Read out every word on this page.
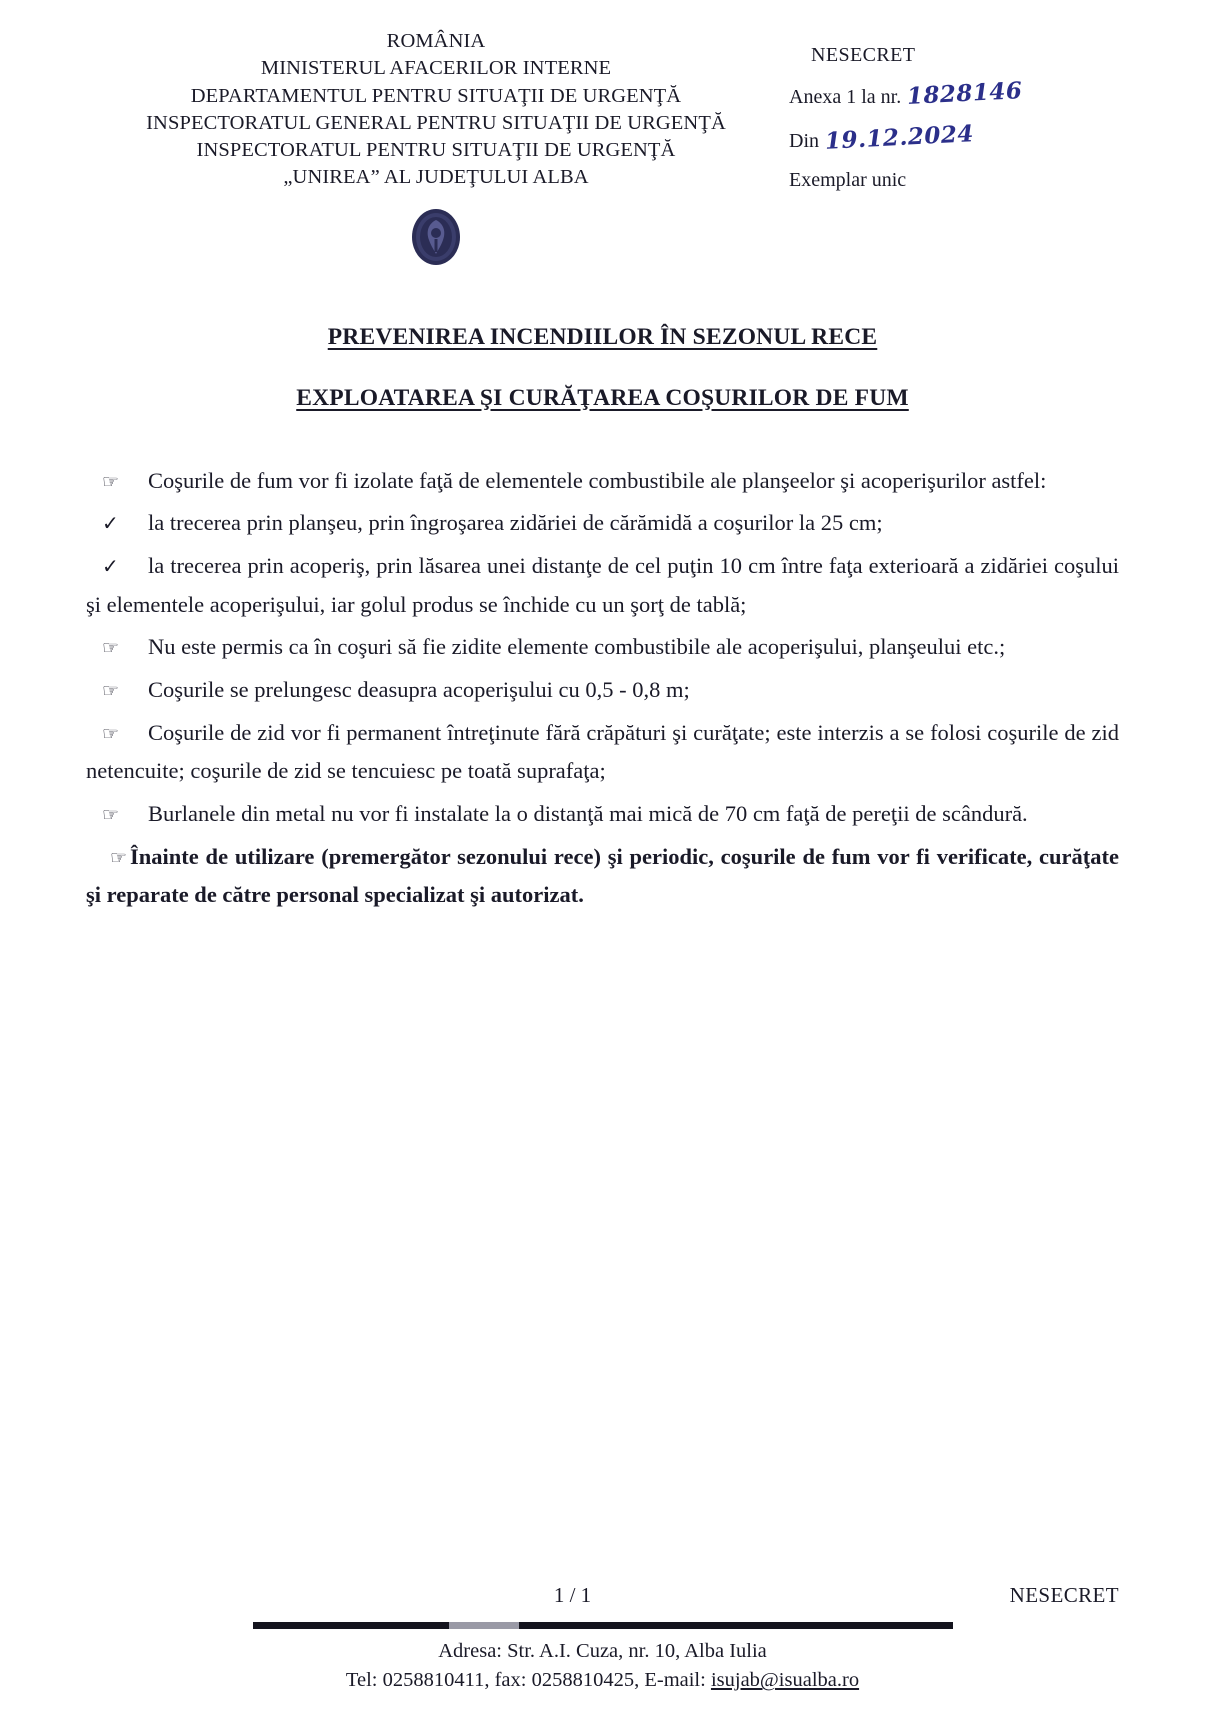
ROMÂNIA
MINISTERUL AFACERILOR INTERNE
DEPARTAMENTUL PENTRU SITUAŢII DE URGENŢĂ
INSPECTORATUL GENERAL PENTRU SITUAŢII DE URGENŢĂ
INSPECTORATUL PENTRU SITUAŢII DE URGENŢĂ
„UNIREA” AL JUDEŢULUI ALBA
NESECRET
Anexa 1 la nr. 1828146
Din 19.12.2024
Exemplar unic
PREVENIREA INCENDIILOR ÎN SEZONUL RECE
EXPLOATAREA ŞI CURĂŢAREA COŞURILOR DE FUM

☞ Coşurile de fum vor fi izolate faţă de elementele combustibile ale planşeelor şi acoperişurilor astfel:

✓ la trecerea prin planşeu, prin îngroşarea zidăriei de cărămidă a coşurilor la 25 cm;

✓ la trecerea prin acoperiş, prin lăsarea unei distanţe de cel puţin 10 cm între faţa exterioară a zidăriei coşului şi elementele acoperişului, iar golul produs se închide cu un şorţ de tablă;

☞ Nu este permis ca în coşuri să fie zidite elemente combustibile ale acoperişului, planşeului etc.;

☞ Coşurile se prelungesc deasupra acoperişului cu 0,5 - 0,8 m;

☞ Coşurile de zid vor fi permanent întreţinute fără crăpături şi curăţate; este interzis a se folosi coşurile de zid netencuite; coşurile de zid se tencuiesc pe toată suprafaţa;

☞ Burlanele din metal nu vor fi instalate la o distanţă mai mică de 70 cm faţă de pereţii de scândură.

☞ Înainte de utilizare (premergător sezonului rece) şi periodic, coşurile de fum vor fi verificate, curăţate şi reparate de către personal specializat şi autorizat.

1 / 1	NESECRET
Adresa: Str. A.I. Cuza, nr. 10, Alba Iulia
Tel: 0258810411, fax: 0258810425, E-mail: isujab@isualba.ro
